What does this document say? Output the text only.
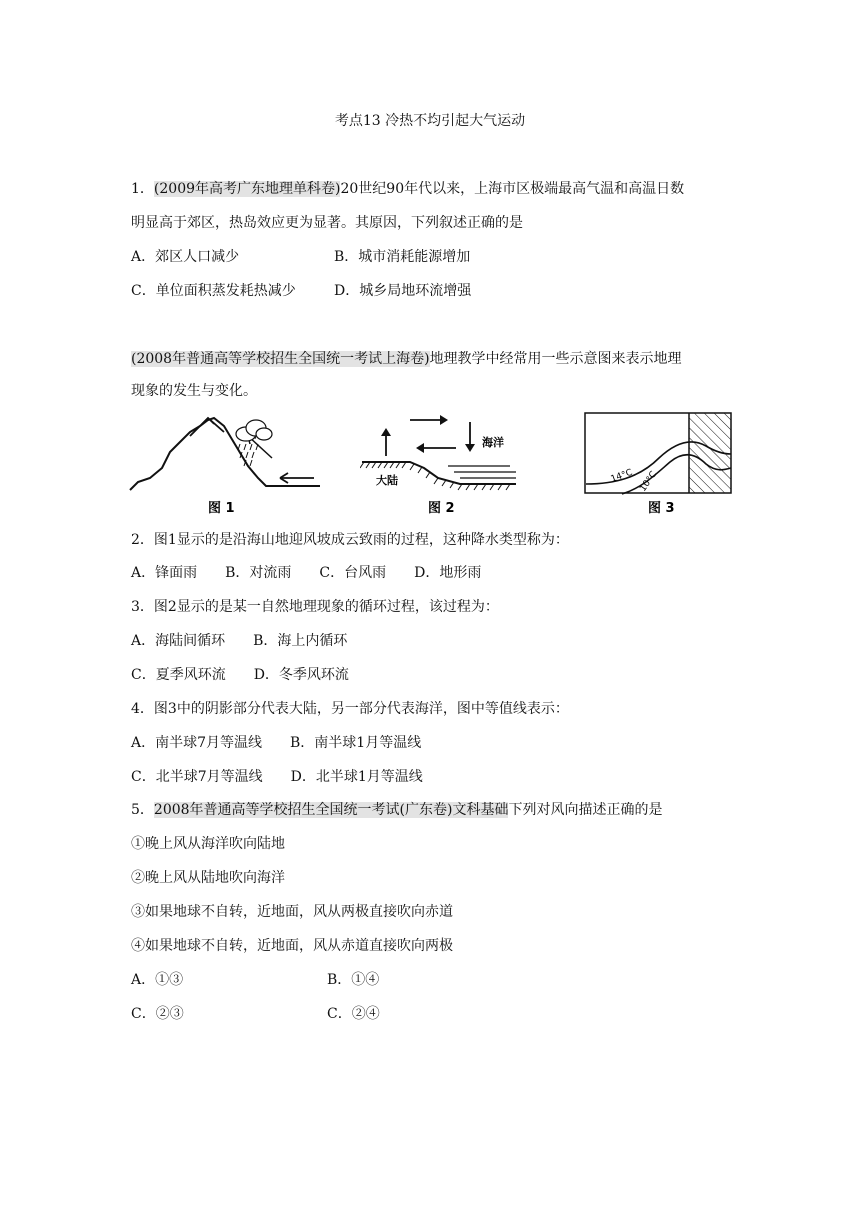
考点13 冷热不均引起大气运动
1．(2009年高考广东地理单科卷)20世纪90年代以来，上海市区极端最高气温和高温日数
明显高于郊区，热岛效应更为显著。其原因，下列叙述正确的是
A．郊区人口减少	B．城市消耗能源增加
C．单位面积蒸发耗热减少	D．城乡局地环流增强
(2008年普通高等学校招生全国统一考试上海卷)地理教学中经常用一些示意图来表示地理
现象的发生与变化。
图 1
海洋
大陆
图 2
14°C 10°C
图 3
2．图1显示的是沿海山地迎风坡成云致雨的过程，这种降水类型称为：
A．锋面雨　　B．对流雨　　C．台风雨　　D．地形雨
3．图2显示的是某一自然地理现象的循环过程，该过程为：
A．海陆间循环　　B．海上内循环
C．夏季风环流　　D．冬季风环流
4．图3中的阴影部分代表大陆，另一部分代表海洋，图中等值线表示：
A．南半球7月等温线　　B．南半球1月等温线
C．北半球7月等温线　　D．北半球1月等温线
5．2008年普通高等学校招生全国统一考试(广东卷)文科基础下列对风向描述正确的是
①晚上风从海洋吹向陆地
②晚上风从陆地吹向海洋
③如果地球不自转，近地面，风从两极直接吹向赤道
④如果地球不自转，近地面，风从赤道直接吹向两极
A．①③	B．①④
C．②③	C．②④
